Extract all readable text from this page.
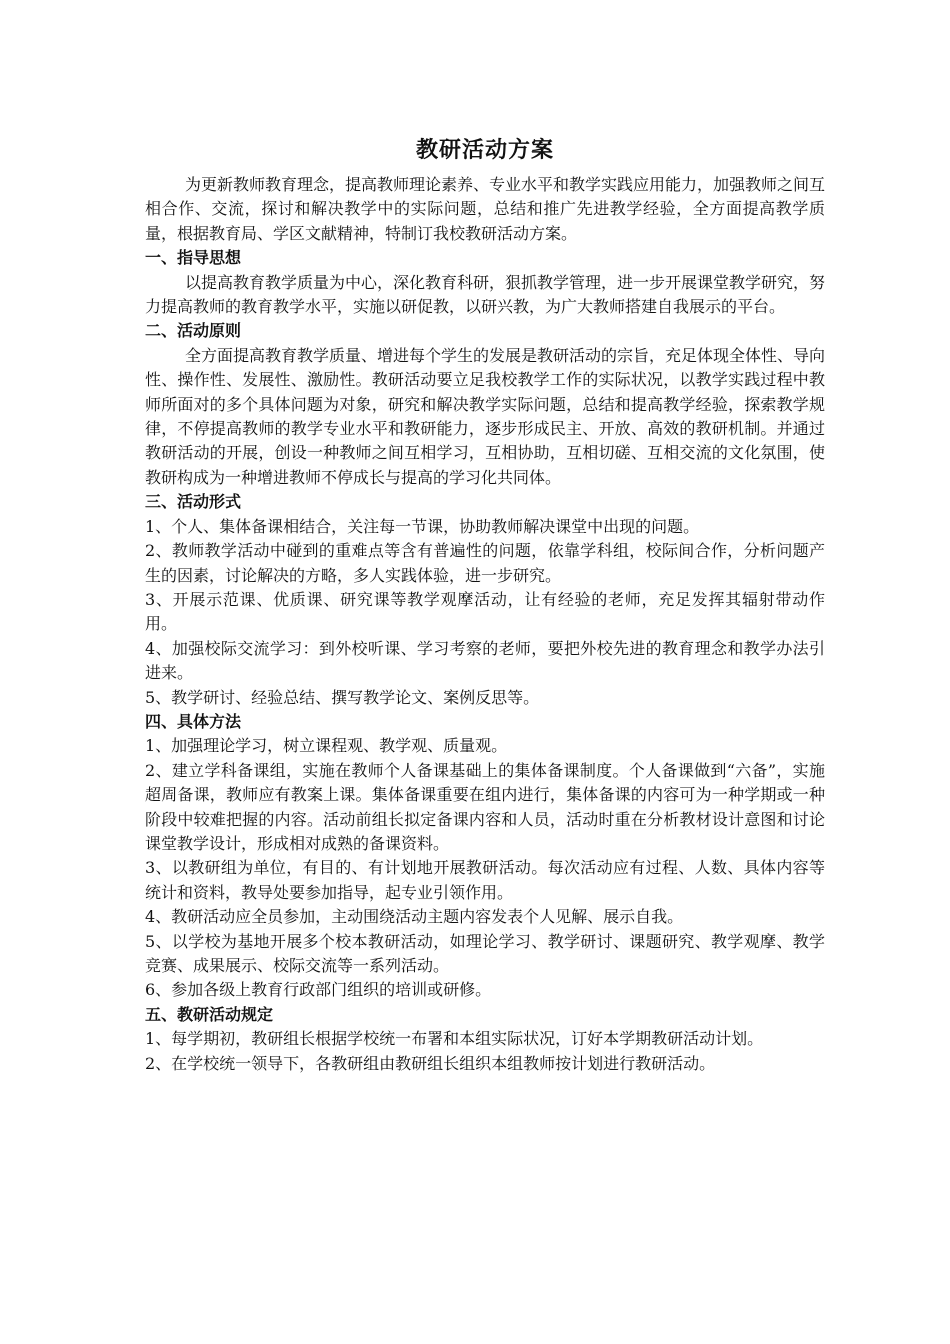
教研活动方案

为更新教师教育理念，提高教师理论素养、专业水平和教学实践应用能力，加强教师之间互相合作、交流，探讨和解决教学中的实际问题，总结和推广先进教学经验，全方面提高教学质量，根据教育局、学区文献精神，特制订我校教研活动方案。

一、指导思想

以提高教育教学质量为中心，深化教育科研，狠抓教学管理，进一步开展课堂教学研究，努力提高教师的教育教学水平，实施以研促教，以研兴教，为广大教师搭建自我展示的平台。

二、活动原则

全方面提高教育教学质量、增进每个学生的发展是教研活动的宗旨，充足体现全体性、导向性、操作性、发展性、激励性。教研活动要立足我校教学工作的实际状况，以教学实践过程中教师所面对的多个具体问题为对象，研究和解决教学实际问题，总结和提高教学经验，探索教学规律，不停提高教师的教学专业水平和教研能力，逐步形成民主、开放、高效的教研机制。并通过教研活动的开展，创设一种教师之间互相学习，互相协助，互相切磋、互相交流的文化氛围，使教研构成为一种增进教师不停成长与提高的学习化共同体。

三、活动形式

1、个人、集体备课相结合，关注每一节课，协助教师解决课堂中出现的问题。

2、教师教学活动中碰到的重难点等含有普遍性的问题，依靠学科组，校际间合作，分析问题产生的因素，讨论解决的方略，多人实践体验，进一步研究。

3、开展示范课、优质课、研究课等教学观摩活动，让有经验的老师，充足发挥其辐射带动作用。

4、加强校际交流学习：到外校听课、学习考察的老师，要把外校先进的教育理念和教学办法引进来。

5、教学研讨、经验总结、撰写教学论文、案例反思等。

四、具体方法

1、加强理论学习，树立课程观、教学观、质量观。

2、建立学科备课组，实施在教师个人备课基础上的集体备课制度。个人备课做到“六备”，实施超周备课，教师应有教案上课。集体备课重要在组内进行，集体备课的内容可为一种学期或一种阶段中较难把握的内容。活动前组长拟定备课内容和人员，活动时重在分析教材设计意图和讨论课堂教学设计，形成相对成熟的备课资料。

3、以教研组为单位，有目的、有计划地开展教研活动。每次活动应有过程、人数、具体内容等统计和资料，教导处要参加指导，起专业引领作用。

4、教研活动应全员参加，主动围绕活动主题内容发表个人见解、展示自我。

5、以学校为基地开展多个校本教研活动，如理论学习、教学研讨、课题研究、教学观摩、教学竞赛、成果展示、校际交流等一系列活动。

6、参加各级上教育行政部门组织的培训或研修。

五、教研活动规定

1、每学期初，教研组长根据学校统一布署和本组实际状况，订好本学期教研活动计划。

2、在学校统一领导下，各教研组由教研组长组织本组教师按计划进行教研活动。
